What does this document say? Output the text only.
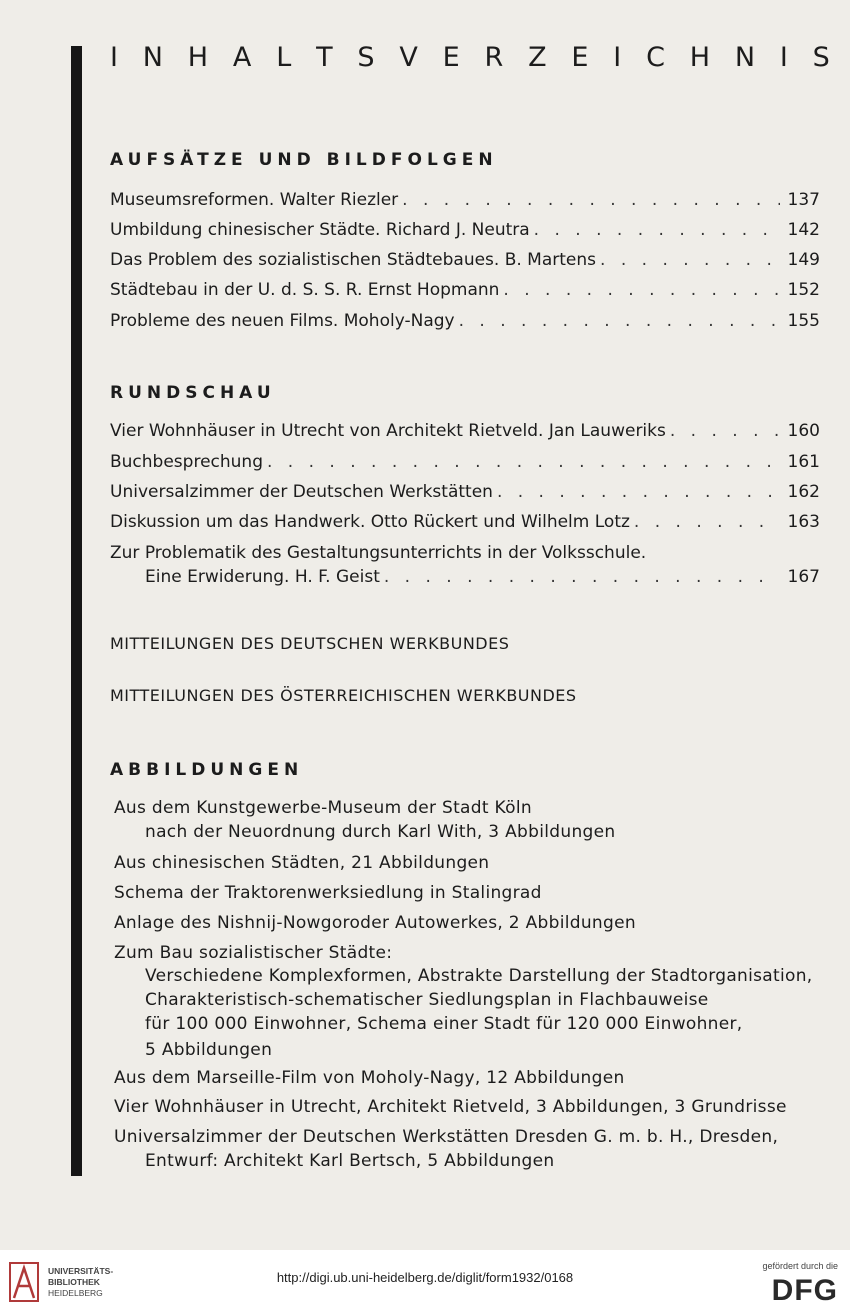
I N H A L T S V E R Z E I C H N I S
AUFSÄTZE UND BILDFOLGEN
Museumsreformen. Walter Riezler . . .	137
Umbildung chinesischer Städte. Richard J. Neutra . . .	142
Das Problem des sozialistischen Städtebaues. B. Martens . . .	149
Städtebau in der U. d. S. S. R. Ernst Hopmann . . .	152
Probleme des neuen Films. Moholy-Nagy . . .	155
RUNDSCHAU
Vier Wohnhäuser in Utrecht von Architekt Rietveld. Jan Lauweriks . . .	160
Buchbesprechung . . .	161
Universalzimmer der Deutschen Werkstätten . . .	162
Diskussion um das Handwerk. Otto Rückert und Wilhelm Lotz . . .	163
Zur Problematik des Gestaltungsunterrichts in der Volksschule.
Eine Erwiderung. H. F. Geist . . .	167
MITTEILUNGEN DES DEUTSCHEN WERKBUNDES
MITTEILUNGEN DES ÖSTERREICHISCHEN WERKBUNDES
ABBILDUNGEN
Aus dem Kunstgewerbe-Museum der Stadt Köln
nach der Neuordnung durch Karl With, 3 Abbildungen
Aus chinesischen Städten, 21 Abbildungen
Schema der Traktorenwerksiedlung in Stalingrad
Anlage des Nishnij-Nowgoroder Autowerkes, 2 Abbildungen
Zum Bau sozialistischer Städte:
Verschiedene Komplexformen, Abstrakte Darstellung der Stadtorganisation,
Charakteristisch-schematischer Siedlungsplan in Flachbauweise
für 100 000 Einwohner, Schema einer Stadt für 120 000 Einwohner,
5 Abbildungen
Aus dem Marseille-Film von Moholy-Nagy, 12 Abbildungen
Vier Wohnhäuser in Utrecht, Architekt Rietveld, 3 Abbildungen, 3 Grundrisse
Universalzimmer der Deutschen Werkstätten Dresden G. m. b. H., Dresden,
Entwurf: Architekt Karl Bertsch, 5 Abbildungen
UNIVERSITÄTS-
BIBLIOTHEK
HEIDELBERG
http://digi.ub.uni-heidelberg.de/diglit/form1932/0168
gefördert durch die
DFG
